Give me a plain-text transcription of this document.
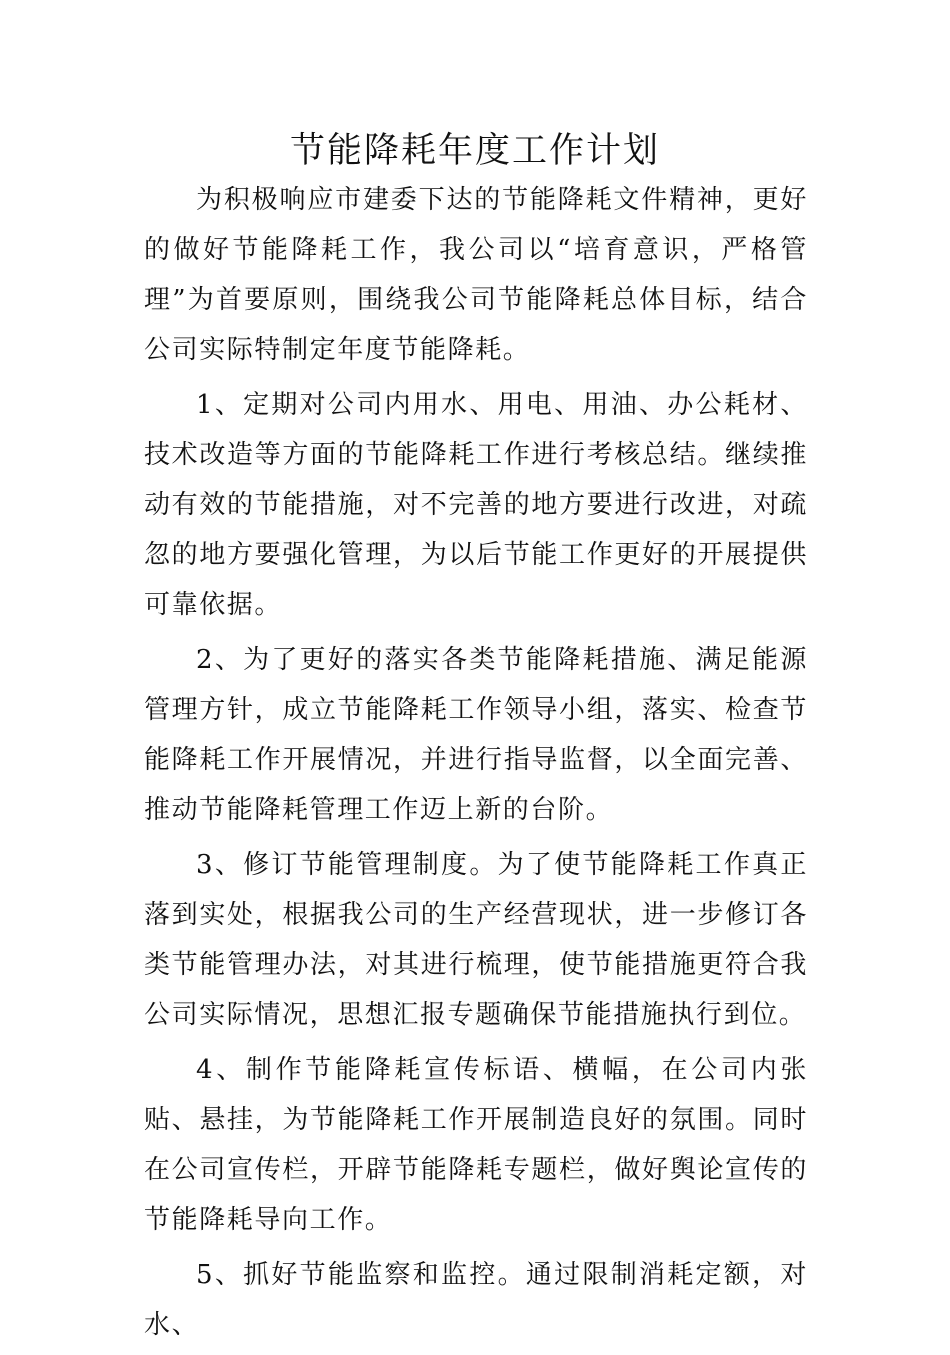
节能降耗年度工作计划

为积极响应市建委下达的节能降耗文件精神，更好的做好节能降耗工作，我公司以“培育意识，严格管理”为首要原则，围绕我公司节能降耗总体目标，结合公司实际特制定年度节能降耗。

1、定期对公司内用水、用电、用油、办公耗材、技术改造等方面的节能降耗工作进行考核总结。继续推动有效的节能措施，对不完善的地方要进行改进，对疏忽的地方要强化管理，为以后节能工作更好的开展提供可靠依据。

2、为了更好的落实各类节能降耗措施、满足能源管理方针，成立节能降耗工作领导小组，落实、检查节能降耗工作开展情况，并进行指导监督，以全面完善、推动节能降耗管理工作迈上新的台阶。

3、修订节能管理制度。为了使节能降耗工作真正落到实处，根据我公司的生产经营现状，进一步修订各类节能管理办法，对其进行梳理，使节能措施更符合我公司实际情况，思想汇报专题确保节能措施执行到位。

4、制作节能降耗宣传标语、横幅，在公司内张贴、悬挂，为节能降耗工作开展制造良好的氛围。同时在公司宣传栏，开辟节能降耗专题栏，做好舆论宣传的节能降耗导向工作。

5、抓好节能监察和监控。通过限制消耗定额，对水、
